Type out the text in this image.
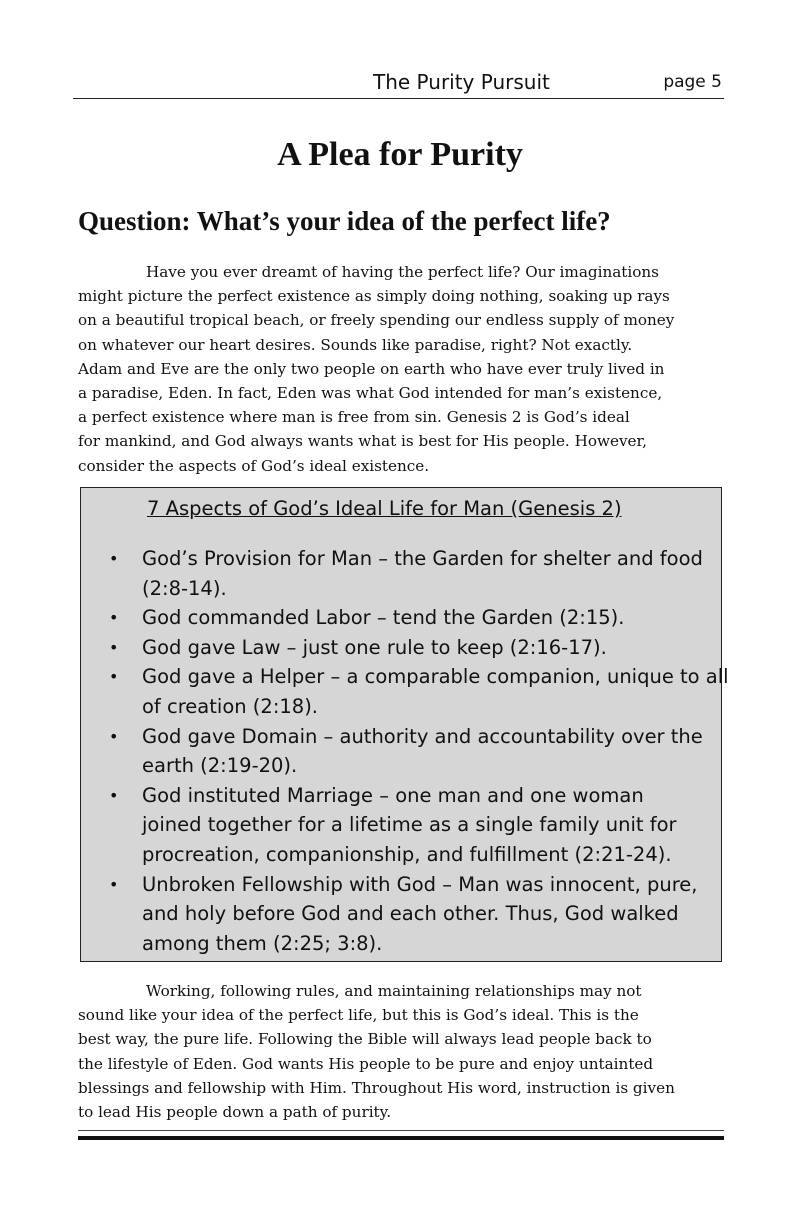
The Purity Pursuit	page 5
A Plea for Purity
Question: What’s your idea of the perfect life?
Have you ever dreamt of having the perfect life? Our imaginations
might picture the perfect existence as simply doing nothing, soaking up rays
on a beautiful tropical beach, or freely spending our endless supply of money
on whatever our heart desires. Sounds like paradise, right? Not exactly.
Adam and Eve are the only two people on earth who have ever truly lived in
a paradise, Eden. In fact, Eden was what God intended for man’s existence,
a perfect existence where man is free from sin. Genesis 2 is God’s ideal
for mankind, and God always wants what is best for His people. However,
consider the aspects of God’s ideal existence.
7 Aspects of God’s Ideal Life for Man (Genesis 2)
• God’s Provision for Man – the Garden for shelter and food
(2:8-14).
• God commanded Labor – tend the Garden (2:15).
• God gave Law – just one rule to keep (2:16-17).
• God gave a Helper – a comparable companion, unique to all
of creation (2:18).
• God gave Domain – authority and accountability over the
earth (2:19-20).
• God instituted Marriage – one man and one woman
joined together for a lifetime as a single family unit for
procreation, companionship, and fulfillment (2:21-24).
• Unbroken Fellowship with God – Man was innocent, pure,
and holy before God and each other. Thus, God walked
among them (2:25; 3:8).
Working, following rules, and maintaining relationships may not
sound like your idea of the perfect life, but this is God’s ideal. This is the
best way, the pure life. Following the Bible will always lead people back to
the lifestyle of Eden. God wants His people to be pure and enjoy untainted
blessings and fellowship with Him. Throughout His word, instruction is given
to lead His people down a path of purity.
